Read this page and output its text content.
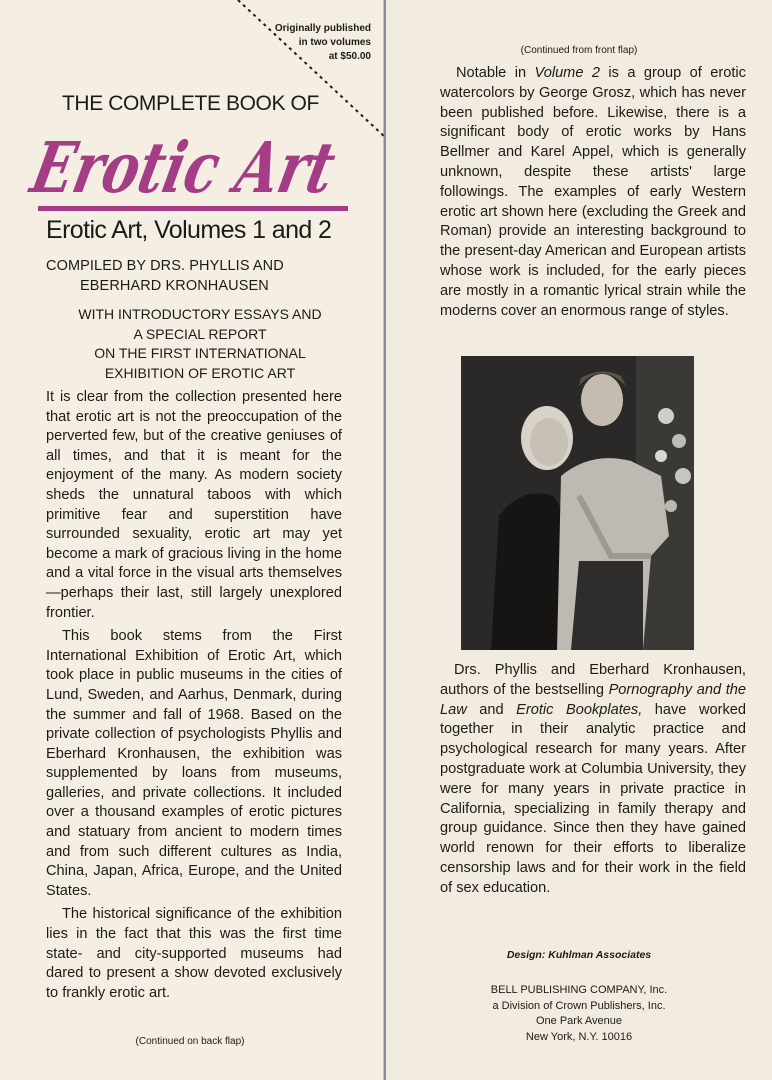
Originally published
in two volumes
at $50.00
THE COMPLETE BOOK OF
Erotic Art
Erotic Art, Volumes 1 and 2
COMPILED BY DRS. PHYLLIS AND
EBERHARD KRONHAUSEN
WITH INTRODUCTORY ESSAYS AND
A SPECIAL REPORT
ON THE FIRST INTERNATIONAL
EXHIBITION OF EROTIC ART

It is clear from the collection presented here that erotic art is not the preoccupation of the perverted few, but of the creative geniuses of all times, and that it is meant for the enjoyment of the many. As modern society sheds the unnatural taboos with which primitive fear and superstition have surrounded sexuality, erotic art may yet become a mark of gracious living in the home and a vital force in the visual arts themselves—perhaps their last, still largely unexplored frontier.

This book stems from the First International Exhibition of Erotic Art, which took place in public museums in the cities of Lund, Sweden, and Aarhus, Denmark, during the summer and fall of 1968. Based on the private collection of psychologists Phyllis and Eberhard Kronhausen, the exhibition was supplemented by loans from museums, galleries, and private collections. It included over a thousand examples of erotic pictures and statuary from ancient to modern times and from such different cultures as India, China, Japan, Africa, Europe, and the United States.

The historical significance of the exhibition lies in the fact that this was the first time state- and city-supported museums had dared to present a show devoted exclusively to frankly erotic art.

(Continued on back flap)
(Continued from front flap)

Notable in Volume 2 is a group of erotic watercolors by George Grosz, which has never been published before. Likewise, there is a significant body of erotic works by Hans Bellmer and Karel Appel, which is generally unknown, despite these artists' large followings. The examples of early Western erotic art shown here (excluding the Greek and Roman) provide an interesting background to the present-day American and European artists whose work is included, for the early pieces are mostly in a romantic lyrical strain while the moderns cover an enormous range of styles.

Drs. Phyllis and Eberhard Kronhausen, authors of the bestselling Pornography and the Law and Erotic Bookplates, have worked together in their analytic practice and psychological research for many years. After postgraduate work at Columbia University, they were for many years in private practice in California, specializing in family therapy and group guidance. Since then they have gained world renown for their efforts to liberalize censorship laws and for their work in the field of sex education.

Design: Kuhlman Associates
BELL PUBLISHING COMPANY, Inc.
a Division of Crown Publishers, Inc.
One Park Avenue
New York, N.Y. 10016
